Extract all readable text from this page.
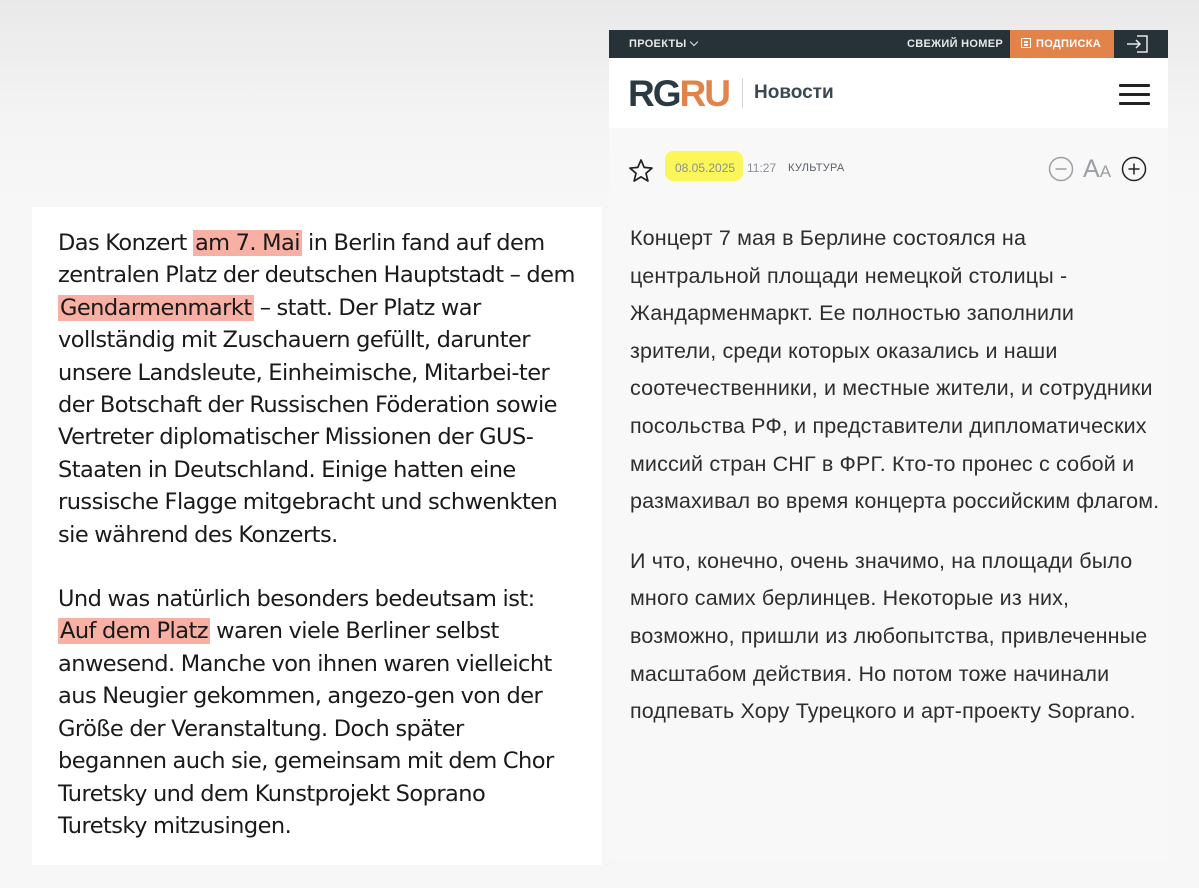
Das Konzert am 7. Mai in Berlin fand auf dem zentralen Platz der deutschen Hauptstadt – dem Gendarmenmarkt – statt. Der Platz war vollständig mit Zuschauern gefüllt, darunter unsere Landsleute, Einheimische, Mitarbei-ter der Botschaft der Russischen Föderation sowie Vertreter diplomatischer Missionen der GUS-Staaten in Deutschland. Einige hatten eine russische Flagge mitgebracht und schwenkten sie während des Konzerts.

Und was natürlich besonders bedeutsam ist: Auf dem Platz waren viele Berliner selbst anwesend. Manche von ihnen waren vielleicht aus Neugier gekommen, angezo-gen von der Größe der Veranstaltung. Doch später begannen auch sie, gemeinsam mit dem Chor Turetsky und dem Kunstprojekt Soprano Turetsky mitzusingen.

ПРОЕКТЫ	СВЕЖИЙ НОМЕР	ПОДПИСКА
RGRU Новости
08.05.2025 11:27 КУЛЬТУРА	AA

Концерт 7 мая в Берлине состоялся на центральной площади немецкой столицы - Жандарменмаркт. Ее полностью заполнили зрители, среди которых оказались и наши соотечественники, и местные жители, и сотрудники посольства РФ, и представители дипломатических миссий стран СНГ в ФРГ. Кто-то пронес с собой и размахивал во время концерта российским флагом.

И что, конечно, очень значимо, на площади было много самих берлинцев. Некоторые из них, возможно, пришли из любопытства, привлеченные масштабом действия. Но потом тоже начинали подпевать Хору Турецкого и арт-проекту Soprano.
